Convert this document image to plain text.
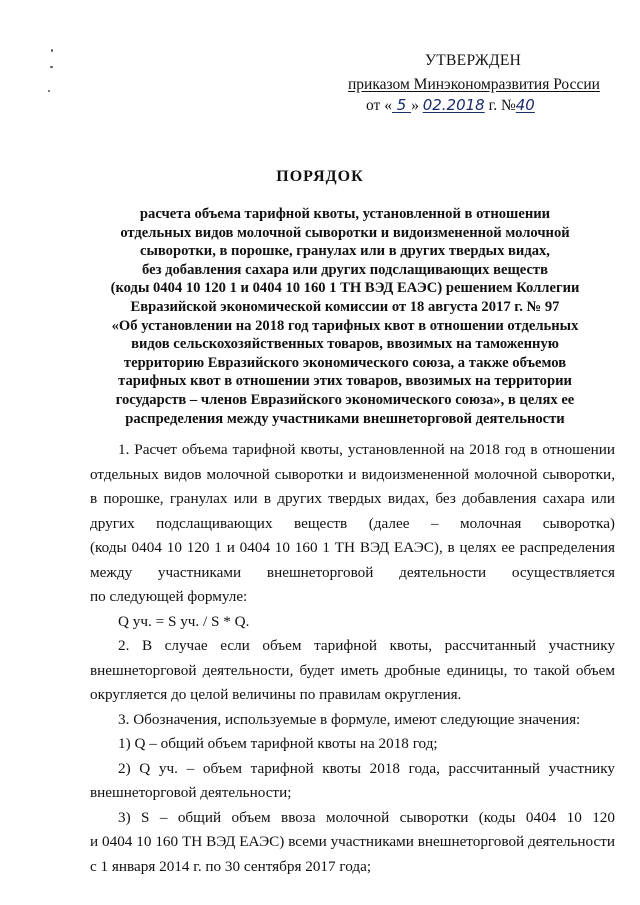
УТВЕРЖДЕН
приказом Минэкономразвития России
от « 5 » 02.2018 г. №40
ПОРЯДОК
расчета объема тарифной квоты, установленной в отношении
отдельных видов молочной сыворотки и видоизмененной молочной
сыворотки, в порошке, гранулах или в других твердых видах,
без добавления сахара или других подслащивающих веществ
(коды 0404 10 120 1 и 0404 10 160 1 ТН ВЭД ЕАЭС) решением Коллегии
Евразийской экономической комиссии от 18 августа 2017 г. № 97
«Об установлении на 2018 год тарифных квот в отношении отдельных
видов сельскохозяйственных товаров, ввозимых на таможенную
территорию Евразийского экономического союза, а также объемов
тарифных квот в отношении этих товаров, ввозимых на территории
государств – членов Евразийского экономического союза», в целях ее
распределения между участниками внешнеторговой деятельности
1. Расчет объема тарифной квоты, установленной на 2018 год в отношении
отдельных видов молочной сыворотки и видоизмененной молочной сыворотки,
в порошке, гранулах или в других твердых видах, без добавления сахара или
других подслащивающих веществ (далее – молочная сыворотка)
(коды 0404 10 120 1 и 0404 10 160 1 ТН ВЭД ЕАЭС), в целях ее распределения
между участниками внешнеторговой деятельности осуществляется
по следующей формуле:
Q уч. = S уч. / S * Q.
2. В случае если объем тарифной квоты, рассчитанный участнику
внешнеторговой деятельности, будет иметь дробные единицы, то такой объем
округляется до целой величины по правилам округления.
3. Обозначения, используемые в формуле, имеют следующие значения:
1) Q – общий объем тарифной квоты на 2018 год;
2) Q уч. – объем тарифной квоты 2018 года, рассчитанный участнику
внешнеторговой деятельности;
3) S – общий объем ввоза молочной сыворотки (коды 0404 10 120
и 0404 10 160 ТН ВЭД ЕАЭС) всеми участниками внешнеторговой деятельности
с 1 января 2014 г. по 30 сентября 2017 года;
